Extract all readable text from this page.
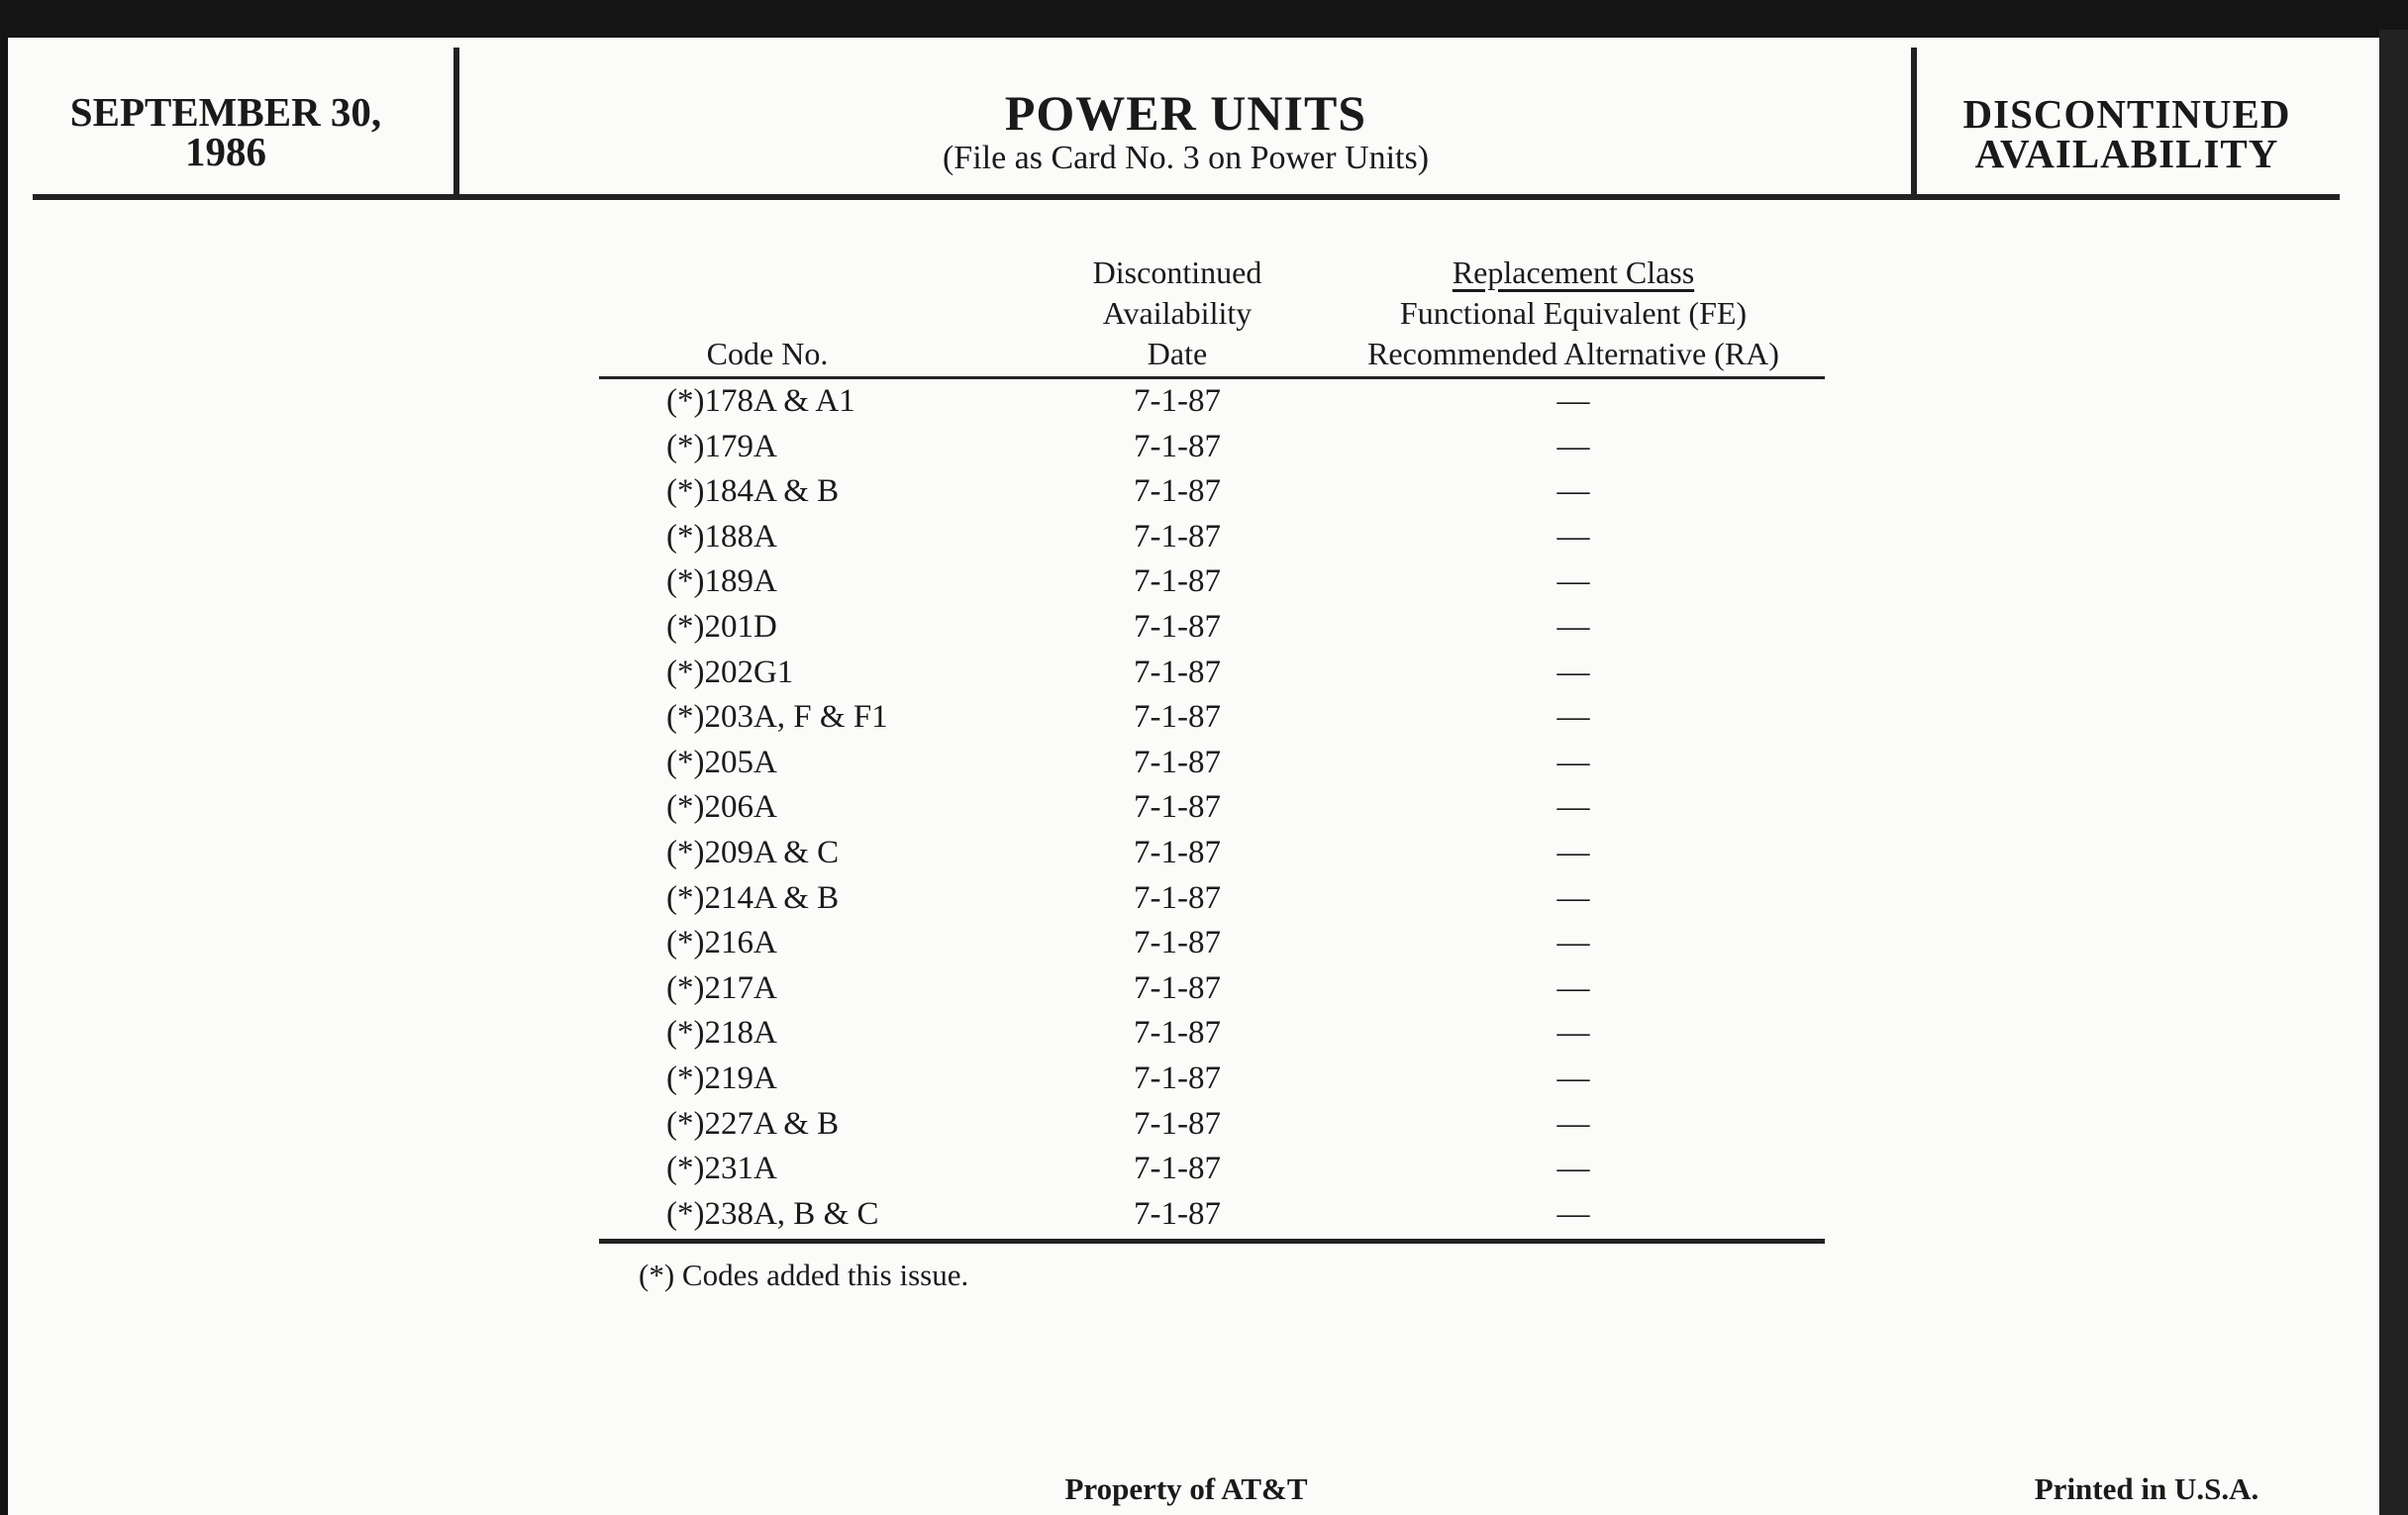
SEPTEMBER 30,
1986
POWER UNITS
(File as Card No. 3 on Power Units)
DISCONTINUED
AVAILABILITY
Code No.
Discontinued
Availability
Date
Replacement Class
Functional Equivalent (FE)
Recommended Alternative (RA)
(*)178A & A1	7-1-87	—
(*)179A	7-1-87	—
(*)184A & B	7-1-87	—
(*)188A	7-1-87	—
(*)189A	7-1-87	—
(*)201D	7-1-87	—
(*)202G1	7-1-87	—
(*)203A, F & F1	7-1-87	—
(*)205A	7-1-87	—
(*)206A	7-1-87	—
(*)209A & C	7-1-87	—
(*)214A & B	7-1-87	—
(*)216A	7-1-87	—
(*)217A	7-1-87	—
(*)218A	7-1-87	—
(*)219A	7-1-87	—
(*)227A & B	7-1-87	—
(*)231A	7-1-87	—
(*)238A, B & C	7-1-87	—
(*) Codes added this issue.
Property of AT&T	Printed in U.S.A.
